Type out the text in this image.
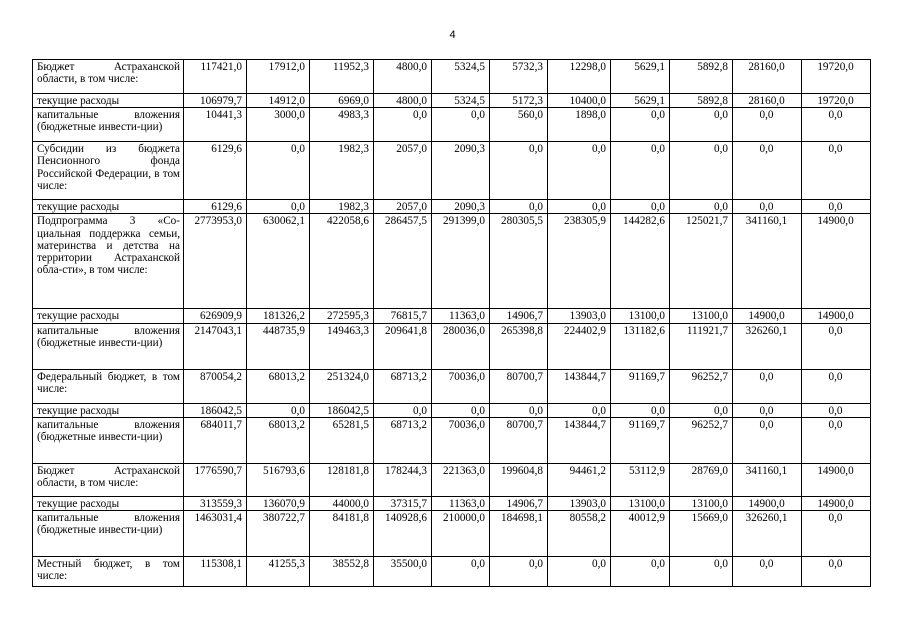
4
Бюджет Астраханской области, в том числе:	117421,0	17912,0	11952,3	4800,0	5324,5	5732,3	12298,0	5629,1	5892,8	28160,0	19720,0
текущие расходы	106979,7	14912,0	6969,0	4800,0	5324,5	5172,3	10400,0	5629,1	5892,8	28160,0	19720,0
капитальные вложения (бюджетные инвести-ции)	10441,3	3000,0	4983,3	0,0	0,0	560,0	1898,0	0,0	0,0	0,0	0,0
Субсидии из бюджета Пенсионного фонда Российской Федерации, в том числе:	6129,6	0,0	1982,3	2057,0	2090,3	0,0	0,0	0,0	0,0	0,0	0,0
текущие расходы	6129,6	0,0	1982,3	2057,0	2090,3	0,0	0,0	0,0	0,0	0,0	0,0
Подпрограмма 3 «Со-циальная поддержка семьи, материнства и детства на территории Астраханской обла-сти», в том числе:	2773953,0	630062,1	422058,6	286457,5	291399,0	280305,5	238305,9	144282,6	125021,7	341160,1	14900,0
текущие расходы	626909,9	181326,2	272595,3	76815,7	11363,0	14906,7	13903,0	13100,0	13100,0	14900,0	14900,0
капитальные вложения (бюджетные инвести-ции)	2147043,1	448735,9	149463,3	209641,8	280036,0	265398,8	224402,9	131182,6	111921,7	326260,1	0,0
Федеральный бюджет, в том числе:	870054,2	68013,2	251324,0	68713,2	70036,0	80700,7	143844,7	91169,7	96252,7	0,0	0,0
текущие расходы	186042,5	0,0	186042,5	0,0	0,0	0,0	0,0	0,0	0,0	0,0	0,0
капитальные вложения (бюджетные инвести-ции)	684011,7	68013,2	65281,5	68713,2	70036,0	80700,7	143844,7	91169,7	96252,7	0,0	0,0
Бюджет Астраханской области, в том числе:	1776590,7	516793,6	128181,8	178244,3	221363,0	199604,8	94461,2	53112,9	28769,0	341160,1	14900,0
текущие расходы	313559,3	136070,9	44000,0	37315,7	11363,0	14906,7	13903,0	13100,0	13100,0	14900,0	14900,0
капитальные вложения (бюджетные инвести-ции)	1463031,4	380722,7	84181,8	140928,6	210000,0	184698,1	80558,2	40012,9	15669,0	326260,1	0,0
Местный бюджет, в том числе:	115308,1	41255,3	38552,8	35500,0	0,0	0,0	0,0	0,0	0,0	0,0	0,0
